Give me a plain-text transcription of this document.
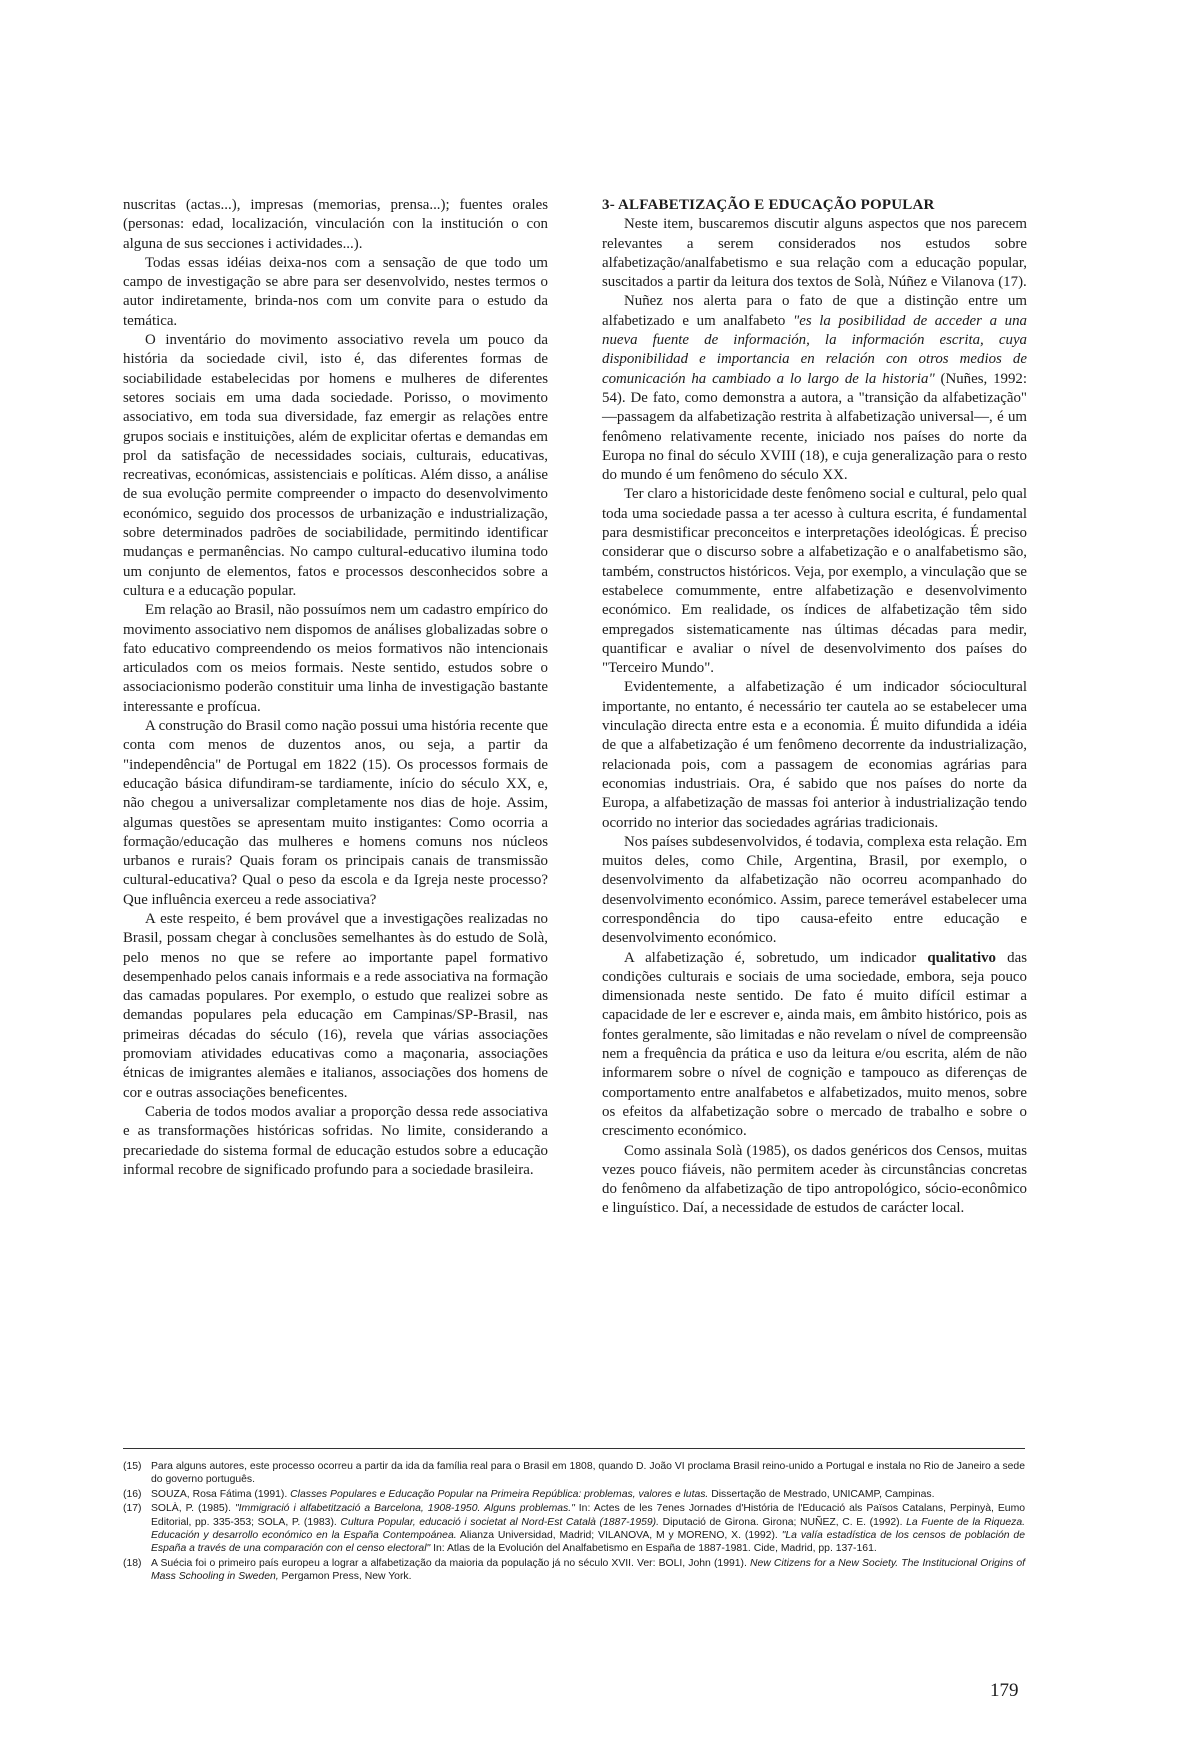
nuscritas (actas...), impresas (memorias, prensa...); fuentes orales (personas: edad, localización, vinculación con la institución o con alguna de sus secciones i actividades...).

Todas essas idéias deixa-nos com a sensação de que todo um campo de investigação se abre para ser desenvolvido, nestes termos o autor indiretamente, brinda-nos com um convite para o estudo da temática.

O inventário do movimento associativo revela um pouco da história da sociedade civil, isto é, das diferentes formas de sociabilidade estabelecidas por homens e mulheres de diferentes setores sociais em uma dada sociedade. Porisso, o movimento associativo, em toda sua diversidade, faz emergir as relações entre grupos sociais e instituições, além de explicitar ofertas e demandas em prol da satisfação de necessidades sociais, culturais, educativas, recreativas, económicas, assistenciais e políticas. Além disso, a análise de sua evolução permite compreender o impacto do desenvolvimento económico, seguido dos processos de urbanização e industrialização, sobre determinados padrões de sociabilidade, permitindo identificar mudanças e permanências. No campo cultural-educativo ilumina todo um conjunto de elementos, fatos e processos desconhecidos sobre a cultura e a educação popular.

Em relação ao Brasil, não possuímos nem um cadastro empírico do movimento associativo nem dispomos de análises globalizadas sobre o fato educativo compreendendo os meios formativos não intencionais articulados com os meios formais. Neste sentido, estudos sobre o associacionismo poderão constituir uma linha de investigação bastante interessante e profícua.

A construção do Brasil como nação possui uma história recente que conta com menos de duzentos anos, ou seja, a partir da "independência" de Portugal em 1822 (15). Os processos formais de educação básica difundiram-se tardiamente, início do século XX, e, não chegou a universalizar completamente nos dias de hoje. Assim, algumas questões se apresentam muito instigantes: Como ocorria a formação/educação das mulheres e homens comuns nos núcleos urbanos e rurais? Quais foram os principais canais de transmissão cultural-educativa? Qual o peso da escola e da Igreja neste processo? Que influência exerceu a rede associativa?

A este respeito, é bem provável que a investigações realizadas no Brasil, possam chegar à conclusões semelhantes às do estudo de Solà, pelo menos no que se refere ao importante papel formativo desempenhado pelos canais informais e a rede associativa na formação das camadas populares. Por exemplo, o estudo que realizei sobre as demandas populares pela educação em Campinas/SP-Brasil, nas primeiras décadas do século (16), revela que várias associações promoviam atividades educativas como a maçonaria, associações étnicas de imigrantes alemães e italianos, associações dos homens de cor e outras associações beneficentes.

Caberia de todos modos avaliar a proporção dessa rede associativa e as transformações históricas sofridas. No limite, considerando a precariedade do sistema formal de educação estudos sobre a educação informal recobre de significado profundo para a sociedade brasileira.

3- ALFABETIZAÇÃO E EDUCAÇÃO POPULAR

Neste item, buscaremos discutir alguns aspectos que nos parecem relevantes a serem considerados nos estudos sobre alfabetização/analfabetismo e sua relação com a educação popular, suscitados a partir da leitura dos textos de Solà, Núñez e Vilanova (17).

Nuñez nos alerta para o fato de que a distinção entre um alfabetizado e um analfabeto "es la posibilidad de acceder a una nueva fuente de información, la información escrita, cuya disponibilidad e importancia en relación con otros medios de comunicación ha cambiado a lo largo de la historia" (Nuñes, 1992: 54). De fato, como demonstra a autora, a "transição da alfabetização" —passagem da alfabetização restrita à alfabetização universal—, é um fenômeno relativamente recente, iniciado nos países do norte da Europa no final do século XVIII (18), e cuja generalização para o resto do mundo é um fenômeno do século XX.

Ter claro a historicidade deste fenômeno social e cultural, pelo qual toda uma sociedade passa a ter acesso à cultura escrita, é fundamental para desmistificar preconceitos e interpretações ideológicas. É preciso considerar que o discurso sobre a alfabetização e o analfabetismo são, também, constructos históricos. Veja, por exemplo, a vinculação que se estabelece comummente, entre alfabetização e desenvolvimento económico. Em realidade, os índices de alfabetização têm sido empregados sistematicamente nas últimas décadas para medir, quantificar e avaliar o nível de desenvolvimento dos países do "Terceiro Mundo".

Evidentemente, a alfabetização é um indicador sóciocultural importante, no entanto, é necessário ter cautela ao se estabelecer uma vinculação directa entre esta e a economia. É muito difundida a idéia de que a alfabetização é um fenômeno decorrente da industrialização, relacionada pois, com a passagem de economias agrárias para economias industriais. Ora, é sabido que nos países do norte da Europa, a alfabetização de massas foi anterior à industrialização tendo ocorrido no interior das sociedades agrárias tradicionais.

Nos países subdesenvolvidos, é todavia, complexa esta relação. Em muitos deles, como Chile, Argentina, Brasil, por exemplo, o desenvolvimento da alfabetização não ocorreu acompanhado do desenvolvimento económico. Assim, parece temerável estabelecer uma correspondência do tipo causa-efeito entre educação e desenvolvimento económico.

A alfabetização é, sobretudo, um indicador qualitativo das condições culturais e sociais de uma sociedade, embora, seja pouco dimensionada neste sentido. De fato é muito difícil estimar a capacidade de ler e escrever e, ainda mais, em âmbito histórico, pois as fontes geralmente, são limitadas e não revelam o nível de compreensão nem a frequência da prática e uso da leitura e/ou escrita, além de não informarem sobre o nível de cognição e tampouco as diferenças de comportamento entre analfabetos e alfabetizados, muito menos, sobre os efeitos da alfabetização sobre o mercado de trabalho e sobre o crescimento económico.

Como assinala Solà (1985), os dados genéricos dos Censos, muitas vezes pouco fiáveis, não permitem aceder às circunstâncias concretas do fenômeno da alfabetização de tipo antropológico, sócio-econômico e linguístico. Daí, a necessidade de estudos de carácter local.

(15) Para alguns autores, este processo ocorreu a partir da ida da família real para o Brasil em 1808, quando D. João VI proclama Brasil reino-unido a Portugal e instala no Rio de Janeiro a sede do governo português.
(16) SOUZA, Rosa Fátima (1991). Classes Populares e Educação Popular na Primeira República: problemas, valores e lutas. Dissertação de Mestrado, UNICAMP, Campinas.
(17) SOLÀ, P. (1985). "Immigració i alfabetització a Barcelona, 1908-1950. Alguns problemas." In: Actes de les 7enes Jornades d'História de l'Educació als Països Catalans, Perpinyà, Eumo Editorial, pp. 335-353; SOLA, P. (1983). Cultura Popular, educació i societat al Nord-Est Català (1887-1959). Diputació de Girona. Girona; NUÑEZ, C. E. (1992). La Fuente de la Riqueza. Educación y desarrollo económico en la España Contempoánea. Alianza Universidad, Madrid; VILANOVA, M y MORENO, X. (1992). "La valía estadística de los censos de población de España a través de una comparación con el censo electoral" In: Atlas de la Evolución del Analfabetismo en España de 1887-1981. Cide, Madrid, pp. 137-161.
(18) A Suécia foi o primeiro país europeu a lograr a alfabetização da maioria da população já no século XVII. Ver: BOLI, John (1991). New Citizens for a New Society. The Institucional Origins of Mass Schooling in Sweden, Pergamon Press, New York.
179
